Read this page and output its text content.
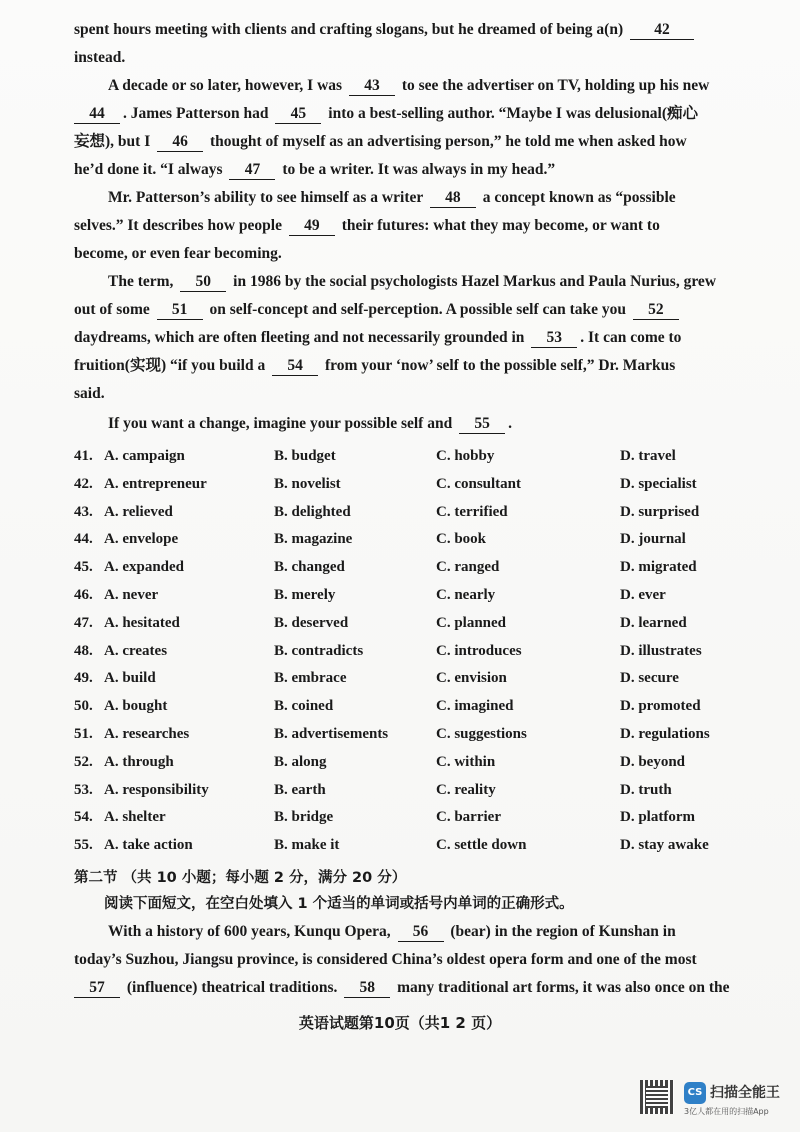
spent hours meeting with clients and crafting slogans, but he dreamed of being a(n) 42
instead.
A decade or so later, however, I was 43 to see the advertiser on TV, holding up his new
44 . James Patterson had 45 into a best-selling author. “Maybe I was delusional(痴心
妄想), but I 46 thought of myself as an advertising person,” he told me when asked how
he’d done it. “I always 47 to be a writer. It was always in my head.”
Mr. Patterson’s ability to see himself as a writer 48 a concept known as “possible
selves.” It describes how people 49 their futures: what they may become, or want to
become, or even fear becoming.
The term, 50 in 1986 by the social psychologists Hazel Markus and Paula Nurius, grew
out of some 51 on self-concept and self-perception. A possible self can take you 52
daydreams, which are often fleeting and not necessarily grounded in 53 . It can come to
fruition(实现) “if you build a 54 from your ‘now’ self to the possible self,” Dr. Markus
said.
If you want a change, imagine your possible self and 55 .
41. A. campaign	B. budget	C. hobby	D. travel
42. A. entrepreneur	B. novelist	C. consultant	D. specialist
43. A. relieved	B. delighted	C. terrified	D. surprised
44. A. envelope	B. magazine	C. book	D. journal
45. A. expanded	B. changed	C. ranged	D. migrated
46. A. never	B. merely	C. nearly	D. ever
47. A. hesitated	B. deserved	C. planned	D. learned
48. A. creates	B. contradicts	C. introduces	D. illustrates
49. A. build	B. embrace	C. envision	D. secure
50. A. bought	B. coined	C. imagined	D. promoted
51. A. researches	B. advertisements	C. suggestions	D. regulations
52. A. through	B. along	C. within	D. beyond
53. A. responsibility	B. earth	C. reality	D. truth
54. A. shelter	B. bridge	C. barrier	D. platform
55. A. take action	B. make it	C. settle down	D. stay awake
第二节 （共 10 小题；每小题 2 分，满分 20 分）
阅读下面短文，在空白处填入 1 个适当的单词或括号内单词的正确形式。
With a history of 600 years, Kunqu Opera, 56 (bear) in the region of Kunshan in
today’s Suzhou, Jiangsu province, is considered China’s oldest opera form and one of the most
57 (influence) theatrical traditions. 58 many traditional art forms, it was also once on the
英语试题第10页（共1 2 页）
CS 扫描全能王
3亿人都在用的扫描App
